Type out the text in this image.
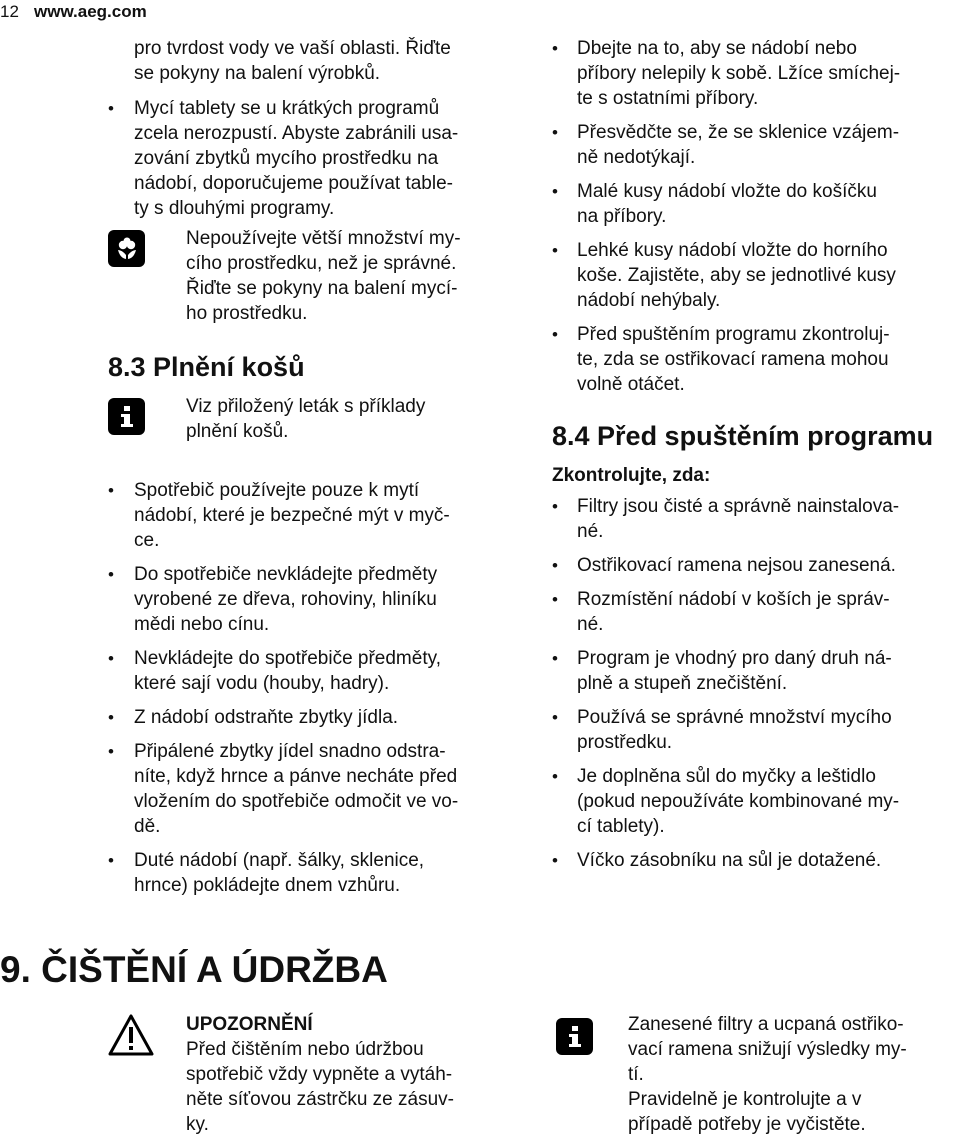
12 www.aeg.com

pro tvrdost vody ve vaší oblasti. Řiďte
se pokyny na balení výrobků.

• Mycí tablety se u krátkých programů
zcela nerozpustí. Abyste zabránili usa-
zování zbytků mycího prostředku na
nádobí, doporučujeme používat table-
ty s dlouhými programy.

Nepoužívejte větší množství my-
cího prostředku, než je správné.
Řiďte se pokyny na balení mycí-
ho prostředku.

8.3 Plnění košů

Viz přiložený leták s příklady
plnění košů.

• Spotřebič používejte pouze k mytí
nádobí, které je bezpečné mýt v myč-
ce.
• Do spotřebiče nevkládejte předměty
vyrobené ze dřeva, rohoviny, hliníku
mědi nebo cínu.
• Nevkládejte do spotřebiče předměty,
které sají vodu (houby, hadry).
• Z nádobí odstraňte zbytky jídla.
• Připálené zbytky jídel snadno odstra-
níte, když hrnce a pánve necháte před
vložením do spotřebiče odmočit ve vo-
dě.
• Duté nádobí (např. šálky, sklenice,
hrnce) pokládejte dnem vzhůru.
• Dbejte na to, aby se nádobí nebo
příbory nelepily k sobě. Lžíce smíchej-
te s ostatními příbory.
• Přesvědčte se, že se sklenice vzájem-
ně nedotýkají.
• Malé kusy nádobí vložte do košíčku
na příbory.
• Lehké kusy nádobí vložte do horního
koše. Zajistěte, aby se jednotlivé kusy
nádobí nehýbaly.
• Před spuštěním programu zkontroluj-
te, zda se ostřikovací ramena mohou
volně otáčet.
8.4 Před spuštěním programu

Zkontrolujte, zda:

• Filtry jsou čisté a správně nainstalova-
né.
• Ostřikovací ramena nejsou zanesená.
• Rozmístění nádobí v koších je správ-
né.
• Program je vhodný pro daný druh ná-
plně a stupeň znečištění.
• Používá se správné množství mycího
prostředku.
• Je doplněna sůl do myčky a leštidlo
(pokud nepoužíváte kombinované my-
cí tablety).
• Víčko zásobníku na sůl je dotažené.
9. ČIŠTĚNÍ A ÚDRŽBA

UPOZORNĚNÍ

Před čištěním nebo údržbou
spotřebič vždy vypněte a vytáh-
něte síťovou zástrčku ze zásuv-
ky.

Zanesené filtry a ucpaná ostřiko-
vací ramena snižují výsledky my-
tí.
Pravidelně je kontrolujte a v
případě potřeby je vyčistěte.
